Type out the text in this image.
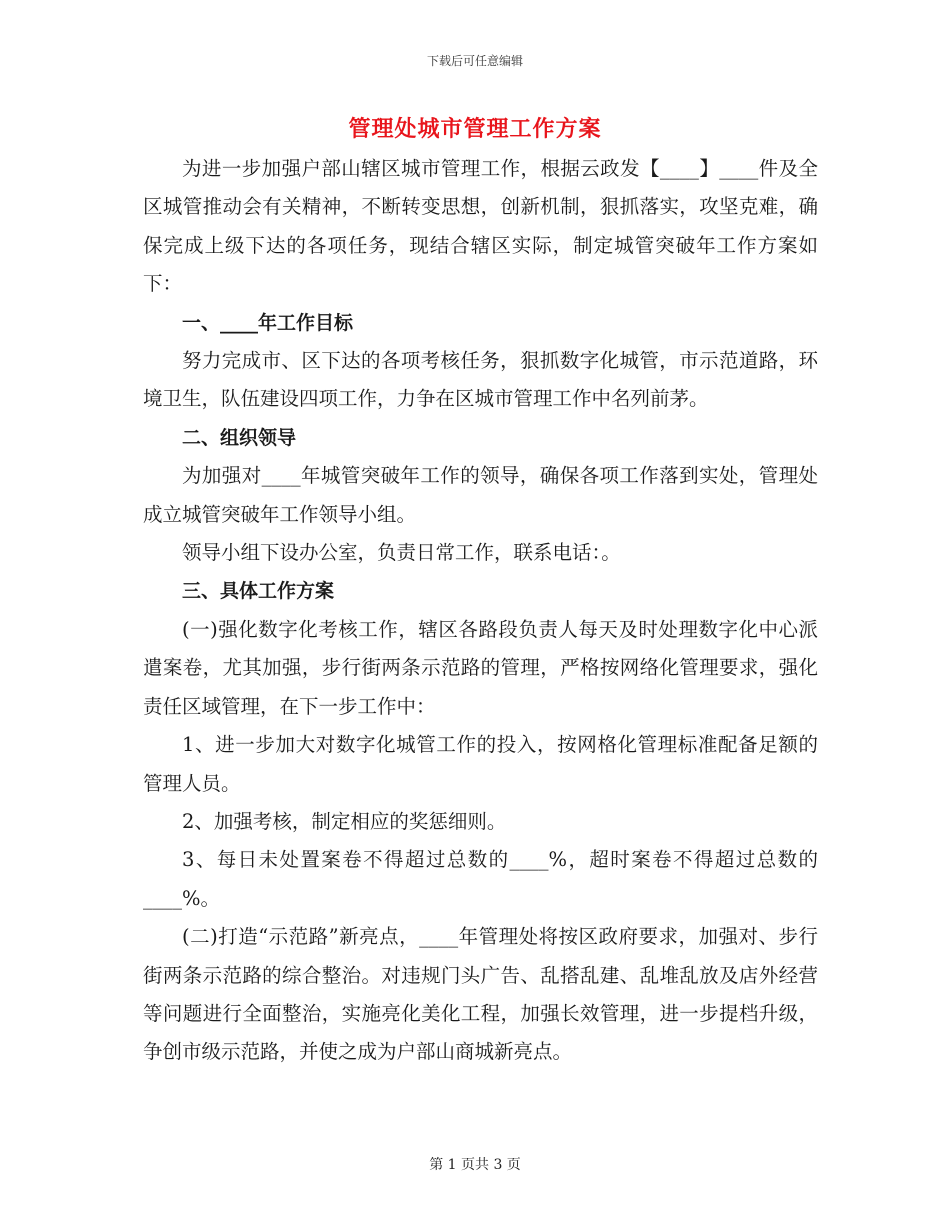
下载后可任意编辑
管理处城市管理工作方案

为进一步加强户部山辖区城市管理工作，根据云政发【____】____件及全区城管推动会有关精神，不断转变思想，创新机制，狠抓落实，攻坚克难，确保完成上级下达的各项任务，现结合辖区实际，制定城管突破年工作方案如下：

一、____年工作目标

努力完成市、区下达的各项考核任务，狠抓数字化城管，市示范道路，环境卫生，队伍建设四项工作，力争在区城市管理工作中名列前茅。

二、组织领导

为加强对____年城管突破年工作的领导，确保各项工作落到实处，管理处成立城管突破年工作领导小组。

领导小组下设办公室，负责日常工作，联系电话：。

三、具体工作方案

(一)强化数字化考核工作，辖区各路段负责人每天及时处理数字化中心派遣案卷，尤其加强，步行街两条示范路的管理，严格按网络化管理要求，强化责任区域管理，在下一步工作中：

1、进一步加大对数字化城管工作的投入，按网格化管理标准配备足额的管理人员。

2、加强考核，制定相应的奖惩细则。

3、每日未处置案卷不得超过总数的____%，超时案卷不得超过总数的____%。

(二)打造“示范路”新亮点，____年管理处将按区政府要求，加强对、步行街两条示范路的综合整治。对违规门头广告、乱搭乱建、乱堆乱放及店外经营等问题进行全面整治，实施亮化美化工程，加强长效管理，进一步提档升级，争创市级示范路，并使之成为户部山商城新亮点。

第 1 页共 3 页
